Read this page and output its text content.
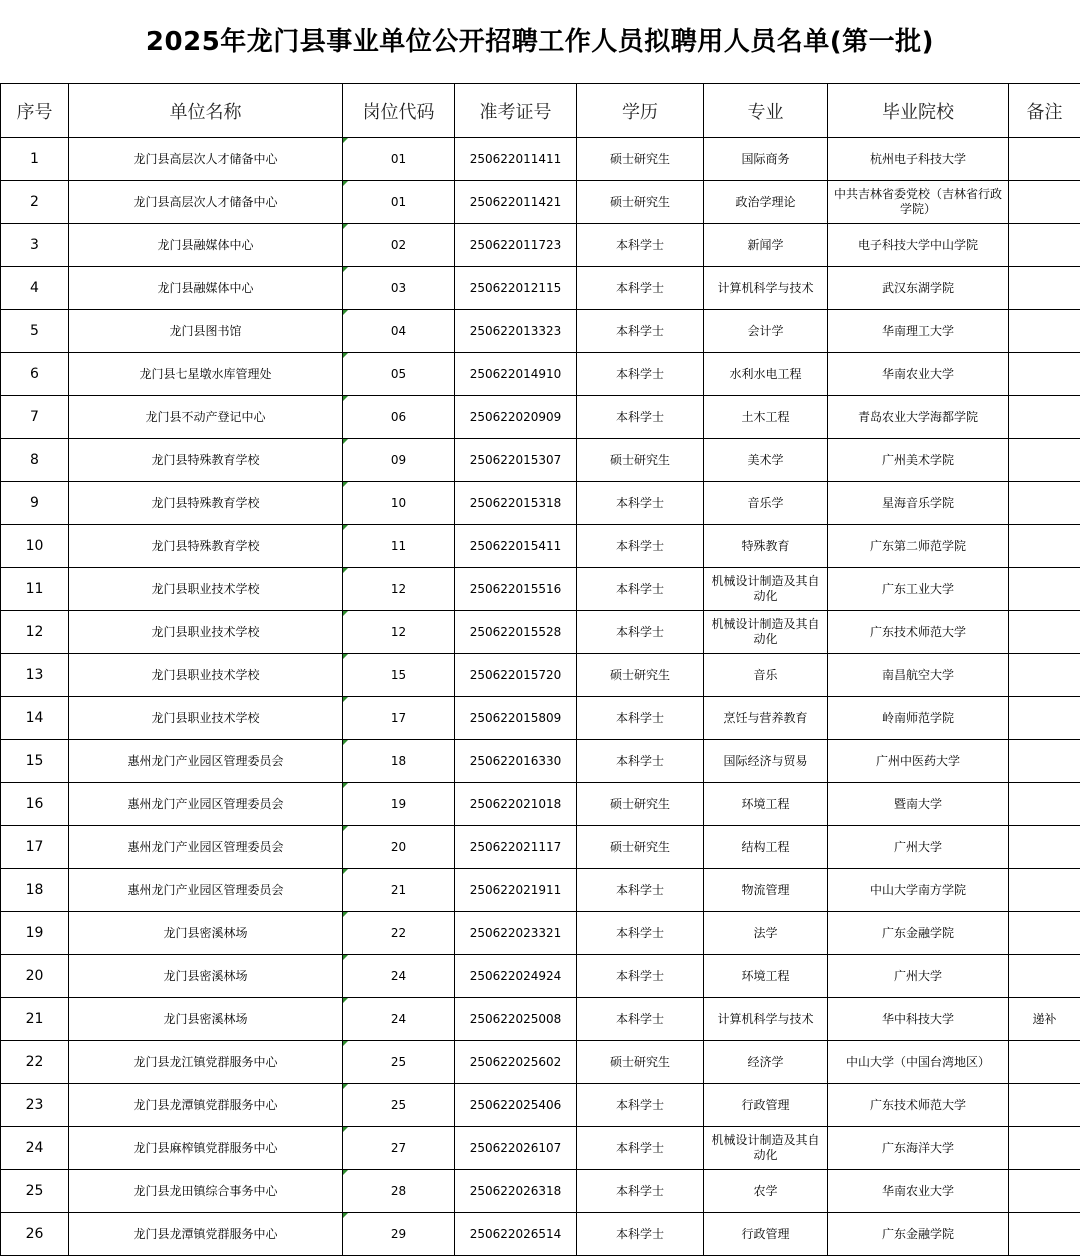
2025年龙门县事业单位公开招聘工作人员拟聘用人员名单(第一批)
序号	单位名称	岗位代码	准考证号	学历	专业	毕业院校	备注
1	龙门县高层次人才储备中心	01	250622011411	硕士研究生	国际商务	杭州电子科技大学	
2	龙门县高层次人才储备中心	01	250622011421	硕士研究生	政治学理论	中共吉林省委党校（吉林省行政学院）	
3	龙门县融媒体中心	02	250622011723	本科学士	新闻学	电子科技大学中山学院	
4	龙门县融媒体中心	03	250622012115	本科学士	计算机科学与技术	武汉东湖学院	
5	龙门县图书馆	04	250622013323	本科学士	会计学	华南理工大学	
6	龙门县七星墩水库管理处	05	250622014910	本科学士	水利水电工程	华南农业大学	
7	龙门县不动产登记中心	06	250622020909	本科学士	土木工程	青岛农业大学海都学院	
8	龙门县特殊教育学校	09	250622015307	硕士研究生	美术学	广州美术学院	
9	龙门县特殊教育学校	10	250622015318	本科学士	音乐学	星海音乐学院	
10	龙门县特殊教育学校	11	250622015411	本科学士	特殊教育	广东第二师范学院	
11	龙门县职业技术学校	12	250622015516	本科学士	机械设计制造及其自动化	广东工业大学	
12	龙门县职业技术学校	12	250622015528	本科学士	机械设计制造及其自动化	广东技术师范大学	
13	龙门县职业技术学校	15	250622015720	硕士研究生	音乐	南昌航空大学	
14	龙门县职业技术学校	17	250622015809	本科学士	烹饪与营养教育	岭南师范学院	
15	惠州龙门产业园区管理委员会	18	250622016330	本科学士	国际经济与贸易	广州中医药大学	
16	惠州龙门产业园区管理委员会	19	250622021018	硕士研究生	环境工程	暨南大学	
17	惠州龙门产业园区管理委员会	20	250622021117	硕士研究生	结构工程	广州大学	
18	惠州龙门产业园区管理委员会	21	250622021911	本科学士	物流管理	中山大学南方学院	
19	龙门县密溪林场	22	250622023321	本科学士	法学	广东金融学院	
20	龙门县密溪林场	24	250622024924	本科学士	环境工程	广州大学	
21	龙门县密溪林场	24	250622025008	本科学士	计算机科学与技术	华中科技大学	递补
22	龙门县龙江镇党群服务中心	25	250622025602	硕士研究生	经济学	中山大学（中国台湾地区）	
23	龙门县龙潭镇党群服务中心	25	250622025406	本科学士	行政管理	广东技术师范大学	
24	龙门县麻榨镇党群服务中心	27	250622026107	本科学士	机械设计制造及其自动化	广东海洋大学	
25	龙门县龙田镇综合事务中心	28	250622026318	本科学士	农学	华南农业大学	
26	龙门县龙潭镇党群服务中心	29	250622026514	本科学士	行政管理	广东金融学院	
